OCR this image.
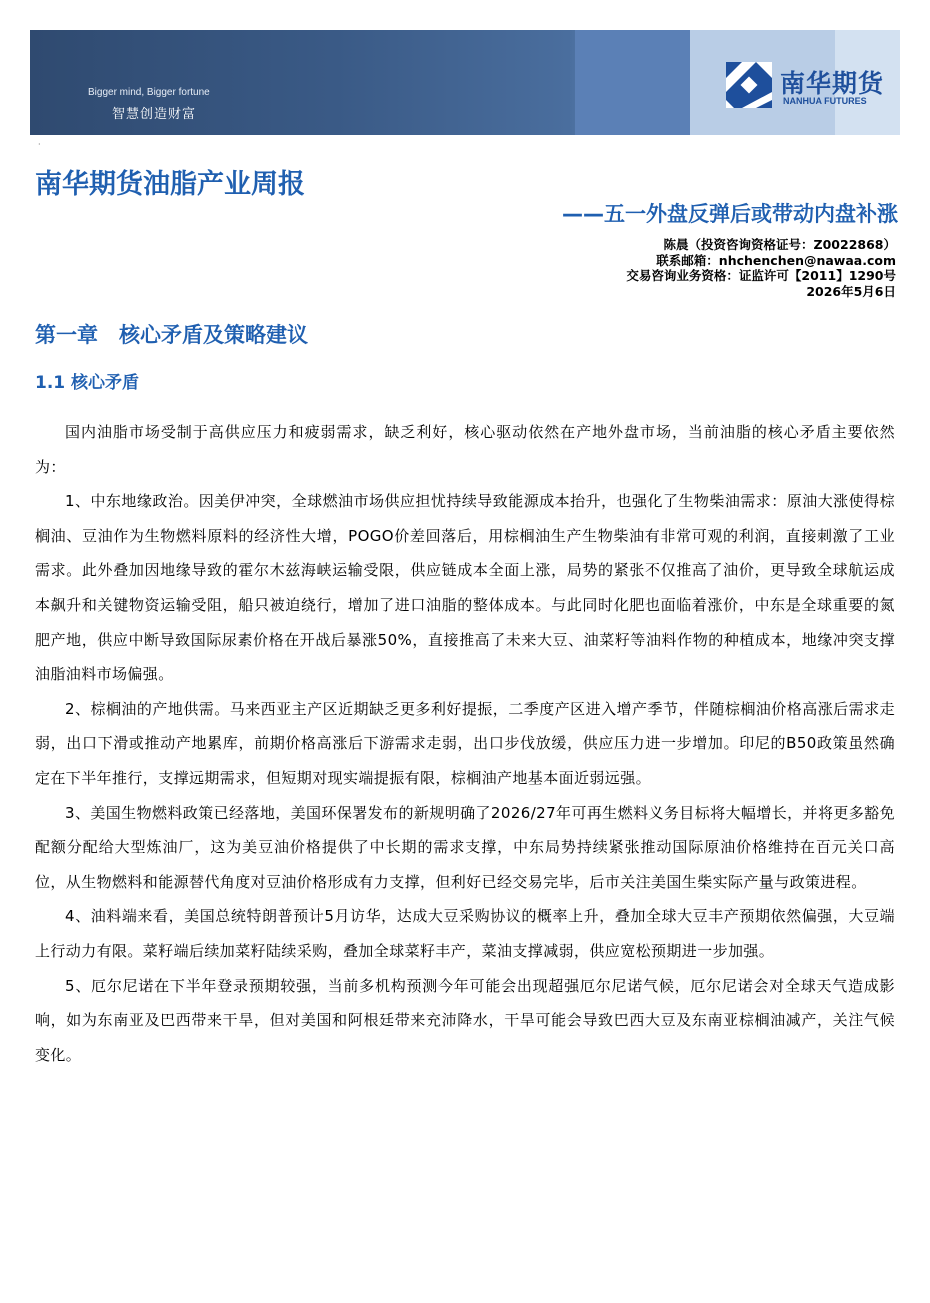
Bigger mind, Bigger fortune
智慧创造财富
南华期货
NANHUA FUTURES
·
南华期货油脂产业周报
——五一外盘反弹后或带动内盘补涨
陈晨（投资咨询资格证号：Z0022868）
联系邮箱：nhchenchen@nawaa.com
交易咨询业务资格：证监许可【2011】1290号
2026年5月6日
第一章　核心矛盾及策略建议
1.1 核心矛盾

国内油脂市场受制于高供应压力和疲弱需求，缺乏利好，核心驱动依然在产地外盘市场，当前油脂的核心矛盾主要依然为：

1、中东地缘政治。因美伊冲突，全球燃油市场供应担忧持续导致能源成本抬升，也强化了生物柴油需求：原油大涨使得棕榈油、豆油作为生物燃料原料的经济性大增，POGO价差回落后，用棕榈油生产生物柴油有非常可观的利润，直接刺激了工业需求。此外叠加因地缘导致的霍尔木兹海峡运输受限，供应链成本全面上涨，局势的紧张不仅推高了油价，更导致全球航运成本飙升和关键物资运输受阻，船只被迫绕行，增加了进口油脂的整体成本。与此同时化肥也面临着涨价，中东是全球重要的氮肥产地，供应中断导致国际尿素价格在开战后暴涨50%，直接推高了未来大豆、油菜籽等油料作物的种植成本，地缘冲突支撑油脂油料市场偏强。

2、棕榈油的产地供需。马来西亚主产区近期缺乏更多利好提振，二季度产区进入增产季节，伴随棕榈油价格高涨后需求走弱，出口下滑或推动产地累库，前期价格高涨后下游需求走弱，出口步伐放缓，供应压力进一步增加。印尼的B50政策虽然确定在下半年推行，支撑远期需求，但短期对现实端提振有限，棕榈油产地基本面近弱远强。

3、美国生物燃料政策已经落地，美国环保署发布的新规明确了2026/27年可再生燃料义务目标将大幅增长，并将更多豁免配额分配给大型炼油厂，这为美豆油价格提供了中长期的需求支撑，中东局势持续紧张推动国际原油价格维持在百元关口高位，从生物燃料和能源替代角度对豆油价格形成有力支撑，但利好已经交易完毕，后市关注美国生柴实际产量与政策进程。

4、油料端来看，美国总统特朗普预计5月访华，达成大豆采购协议的概率上升，叠加全球大豆丰产预期依然偏强，大豆端上行动力有限。菜籽端后续加菜籽陆续采购，叠加全球菜籽丰产，菜油支撑减弱，供应宽松预期进一步加强。

5、厄尔尼诺在下半年登录预期较强，当前多机构预测今年可能会出现超强厄尔尼诺气候，厄尔尼诺会对全球天气造成影响，如为东南亚及巴西带来干旱，但对美国和阿根廷带来充沛降水，干旱可能会导致巴西大豆及东南亚棕榈油减产，关注气候变化。
